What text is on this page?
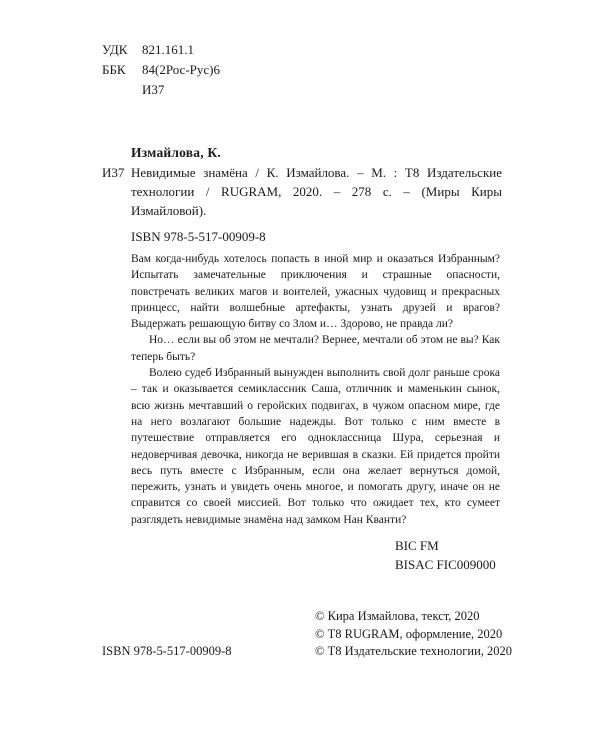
УДК	821.161.1
ББК	84(2Рос-Рус)6
И37
Измайлова, К.
И37 Невидимые знамёна / К. Измайлова. – М. : Т8 Издательские технологии / RUGRAM, 2020. – 278 с. – (Миры Киры Измайловой).
ISBN 978-5-517-00909-8

Вам когда-нибудь хотелось попасть в иной мир и оказаться Избранным? Испытать замечательные приключения и страшные опасности, повстречать великих магов и воителей, ужасных чудовищ и прекрасных принцесс, найти волшебные артефакты, узнать друзей и врагов? Выдержать решающую битву со Злом и… Здорово, не правда ли?

Но… если вы об этом не мечтали? Вернее, мечтали об этом не вы? Как теперь быть?

Волею судеб Избранный вынужден выполнить свой долг раньше срока – так и оказывается семиклассник Саша, отличник и маменькин сынок, всю жизнь мечтавший о геройских подвигах, в чужом опасном мире, где на него возлагают большие надежды. Вот только с ним вместе в путешествие отправляется его одноклассница Шура, серьезная и недоверчивая девочка, никогда не верившая в сказки. Ей придется пройти весь путь вместе с Избранным, если она желает вернуться домой, пережить, узнать и увидеть очень многое, и помогать другу, иначе он не справится со своей миссией. Вот только что ожидает тех, кто сумеет разглядеть невидимые знамёна над замком Нан Кванти?

BIC FM
BISAC FIC009000
© Кира Измайлова, текст, 2020
© Т8 RUGRAM, оформление, 2020
© Т8 Издательские технологии, 2020
ISBN 978-5-517-00909-8
